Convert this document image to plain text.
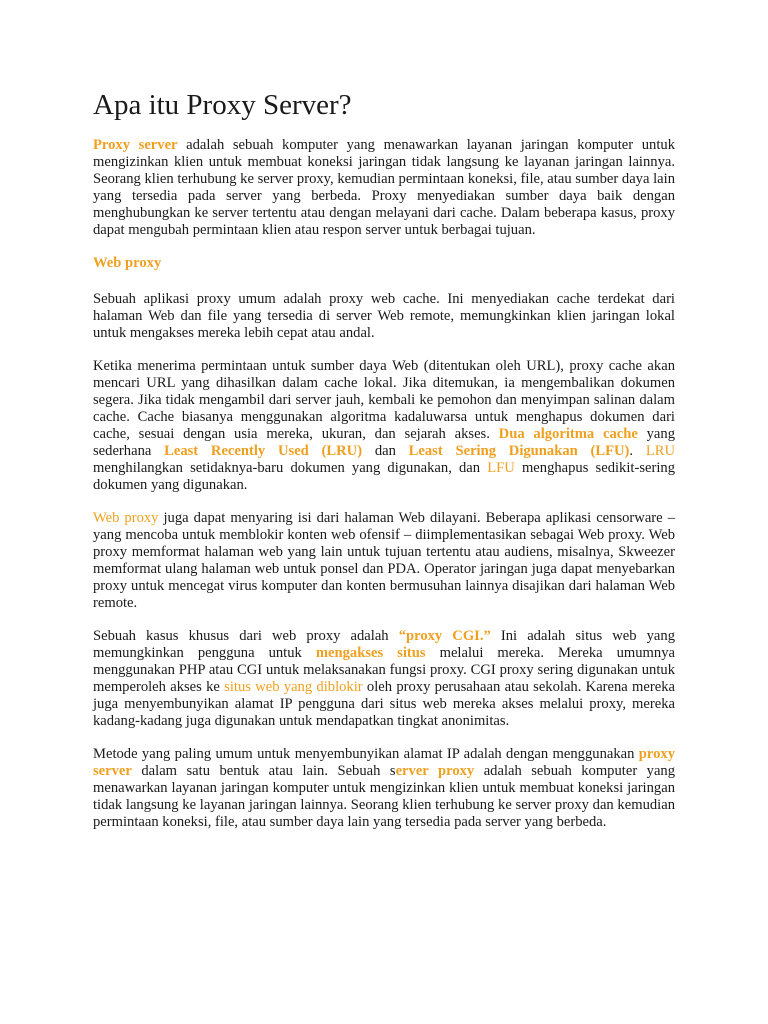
Apa itu Proxy Server?

Proxy server adalah sebuah komputer yang menawarkan layanan jaringan komputer untuk mengizinkan klien untuk membuat koneksi jaringan tidak langsung ke layanan jaringan lainnya. Seorang klien terhubung ke server proxy, kemudian permintaan koneksi, file, atau sumber daya lain yang tersedia pada server yang berbeda. Proxy menyediakan sumber daya baik dengan menghubungkan ke server tertentu atau dengan melayani dari cache. Dalam beberapa kasus, proxy dapat mengubah permintaan klien atau respon server untuk berbagai tujuan.

Web proxy

Sebuah aplikasi proxy umum adalah proxy web cache. Ini menyediakan cache terdekat dari halaman Web dan file yang tersedia di server Web remote, memungkinkan klien jaringan lokal untuk mengakses mereka lebih cepat atau andal.

Ketika menerima permintaan untuk sumber daya Web (ditentukan oleh URL), proxy cache akan mencari URL yang dihasilkan dalam cache lokal. Jika ditemukan, ia mengembalikan dokumen segera. Jika tidak mengambil dari server jauh, kembali ke pemohon dan menyimpan salinan dalam cache. Cache biasanya menggunakan algoritma kadaluwarsa untuk menghapus dokumen dari cache, sesuai dengan usia mereka, ukuran, dan sejarah akses. Dua algoritma cache yang sederhana Least Recently Used (LRU) dan Least Sering Digunakan (LFU). LRU menghilangkan setidaknya-baru dokumen yang digunakan, dan LFU menghapus sedikit-sering dokumen yang digunakan.

Web proxy juga dapat menyaring isi dari halaman Web dilayani. Beberapa aplikasi censorware – yang mencoba untuk memblokir konten web ofensif – diimplementasikan sebagai Web proxy. Web proxy memformat halaman web yang lain untuk tujuan tertentu atau audiens, misalnya, Skweezer memformat ulang halaman web untuk ponsel dan PDA. Operator jaringan juga dapat menyebarkan proxy untuk mencegat virus komputer dan konten bermusuhan lainnya disajikan dari halaman Web remote.

Sebuah kasus khusus dari web proxy adalah “proxy CGI.” Ini adalah situs web yang memungkinkan pengguna untuk mengakses situs melalui mereka. Mereka umumnya menggunakan PHP atau CGI untuk melaksanakan fungsi proxy. CGI proxy sering digunakan untuk memperoleh akses ke situs web yang diblokir oleh proxy perusahaan atau sekolah. Karena mereka juga menyembunyikan alamat IP pengguna dari situs web mereka akses melalui proxy, mereka kadang-kadang juga digunakan untuk mendapatkan tingkat anonimitas.

Metode yang paling umum untuk menyembunyikan alamat IP adalah dengan menggunakan proxy server dalam satu bentuk atau lain. Sebuah server proxy adalah sebuah komputer yang menawarkan layanan jaringan komputer untuk mengizinkan klien untuk membuat koneksi jaringan tidak langsung ke layanan jaringan lainnya. Seorang klien terhubung ke server proxy dan kemudian permintaan koneksi, file, atau sumber daya lain yang tersedia pada server yang berbeda.
